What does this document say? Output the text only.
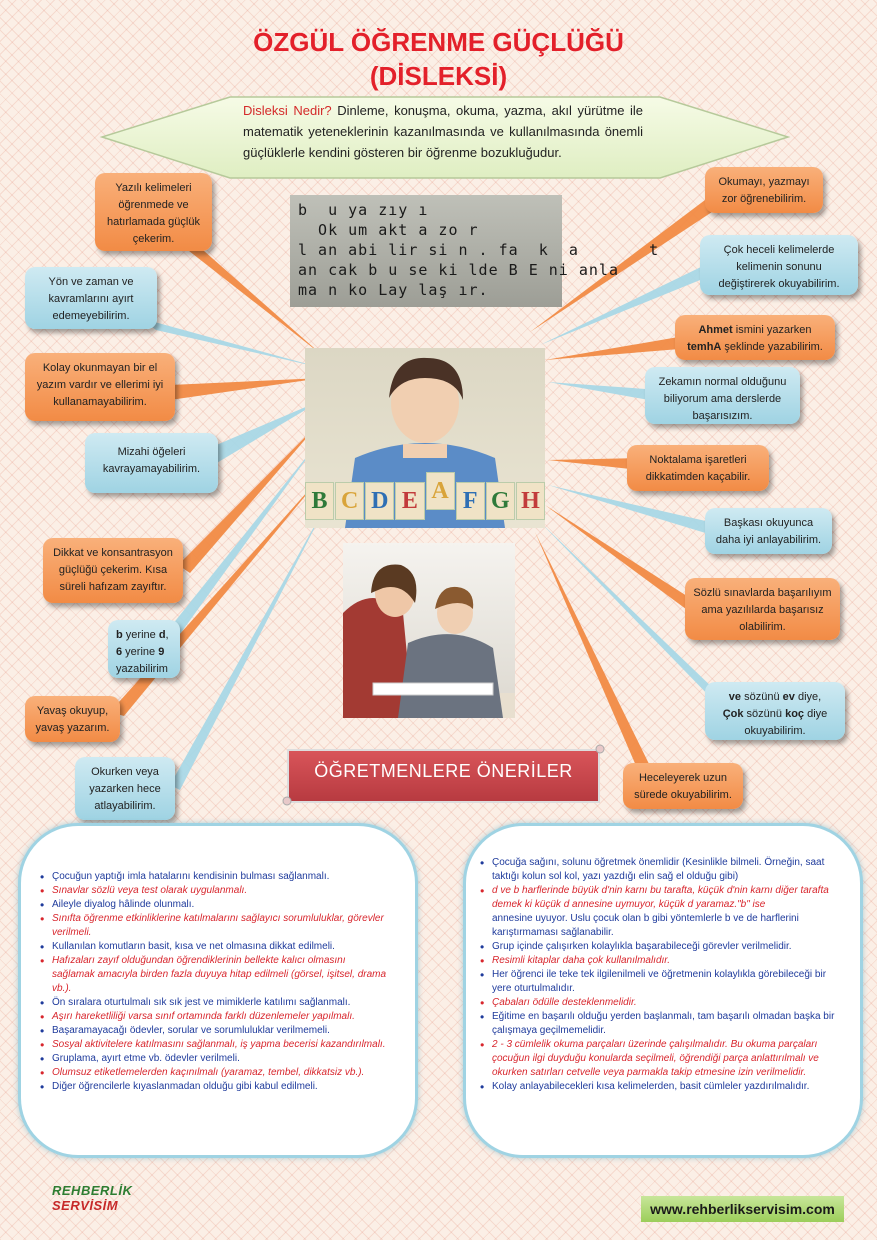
ÖZGÜL ÖĞRENME GÜÇLÜĞÜ
(DİSLEKSİ)
Disleksi Nedir? Dinleme, konuşma, okuma, yazma, akıl yürütme ile matematik yeteneklerinin kazanılmasında ve kullanılmasında önemli güçlüklerle kendini gösteren bir öğrenme bozukluğudur.
b  u ya zıy ı
Ok um akt a zo r
l an abi lir si n . fa  k  a       t
an cak b u se ki lde B E ni anla
ma n ko Lay laş ır.
B C D E A F G H
Yazılı kelimeleri öğrenmede ve hatırlamada güçlük çekerim.
Yön ve zaman ve kavramlarını ayırt edemeyebilirim.
Kolay okunmayan bir el yazım vardır ve ellerimi iyi kullanamayabilirim.
Mizahi öğeleri kavrayamayabilirim.
Dikkat ve konsantrasyon güçlüğü çekerim. Kısa süreli hafızam zayıftır.
b yerine d,
6 yerine 9
yazabilirim
Yavaş okuyup, yavaş yazarım.
Okurken veya yazarken hece atlayabilirim.
Okumayı, yazmayı zor öğrenebilirim.
Çok heceli kelimelerde kelimenin sonunu değiştirerek okuyabilirim.
Ahmet ismini yazarken
temhA şeklinde yazabilirim.
Zekamın normal olduğunu biliyorum ama derslerde başarısızım.
Noktalama işaretleri dikkatimden kaçabilir.
Başkası okuyunca daha iyi anlayabilirim.
Sözlü sınavlarda başarılıyım ama yazılılarda başarısız olabilirim.
ve sözünü ev diye,
Çok sözünü koç diye okuyabilirim.
Heceleyerek uzun sürede okuyabilirim.
ÖĞRETMENLERE ÖNERİLER
• Çocuğun yaptığı imla hatalarını kendisinin bulması sağlanmalı.
• Sınavlar sözlü veya test olarak uygulanmalı.
• Aileyle diyalog hâlinde olunmalı.
• Sınıfta öğrenme etkinliklerine katılmalarını sağlayıcı sorumluluklar, görevler verilmeli.
• Kullanılan komutların basit, kısa ve net olmasına dikkat edilmeli.
• Hafızaları zayıf olduğundan öğrendiklerinin bellekte kalıcı olmasını sağlamak amacıyla birden fazla duyuya hitap edilmeli (görsel, işitsel, drama vb.).
• Ön sıralara oturtulmalı sık sık jest ve mimiklerle katılımı sağlanmalı.
• Aşırı hareketliliği varsa sınıf ortamında farklı düzenlemeler yapılmalı.
• Başaramayacağı ödevler, sorular ve sorumluluklar verilmemeli.
• Sosyal aktivitelere katılmasını sağlanmalı, iş yapma becerisi kazandırılmalı.
• Gruplama, ayırt etme vb. ödevler verilmeli.
• Olumsuz etiketlemelerden kaçınılmalı (yaramaz, tembel, dikkatsiz vb.).
• Diğer öğrencilerle kıyaslanmadan olduğu gibi kabul edilmeli.
• Çocuğa sağını, solunu öğretmek önemlidir (Kesinlikle bilmeli. Örneğin, saat taktığı kolun sol kol, yazı yazdığı elin sağ el olduğu gibi)
• d ve b harflerinde büyük d'nin karnı bu tarafta, küçük d'nin karnı diğer tarafta demek ki küçük d annesine uymuyor, küçük d yaramaz."b" ise
annesine uyuyor. Uslu çocuk olan b gibi yöntemlerle b ve de harflerini karıştırmaması sağlanabilir.
• Grup içinde çalışırken kolaylıkla başarabileceği görevler verilmelidir.
• Resimli kitaplar daha çok kullanılmalıdır.
• Her öğrenci ile teke tek ilgilenilmeli ve öğretmenin kolaylıkla görebileceği bir yere oturtulmalıdır.
• Çabaları ödülle desteklenmelidir.
• Eğitime en başarılı olduğu yerden başlanmalı, tam başarılı olmadan başka bir çalışmaya geçilmemelidir.
• 2 - 3 cümlelik okuma parçaları üzerinde çalışılmalıdır. Bu okuma parçaları çocuğun ilgi duyduğu konularda seçilmeli, öğrendiği parça anlattırılmalı ve okurken satırları cetvelle veya parmakla takip etmesine izin verilmelidir.
• Kolay anlayabilecekleri kısa kelimelerden, basit cümleler yazdırılmalıdır.
REHBERLİK
SERVİSİM	www.rehberlikservisim.com
